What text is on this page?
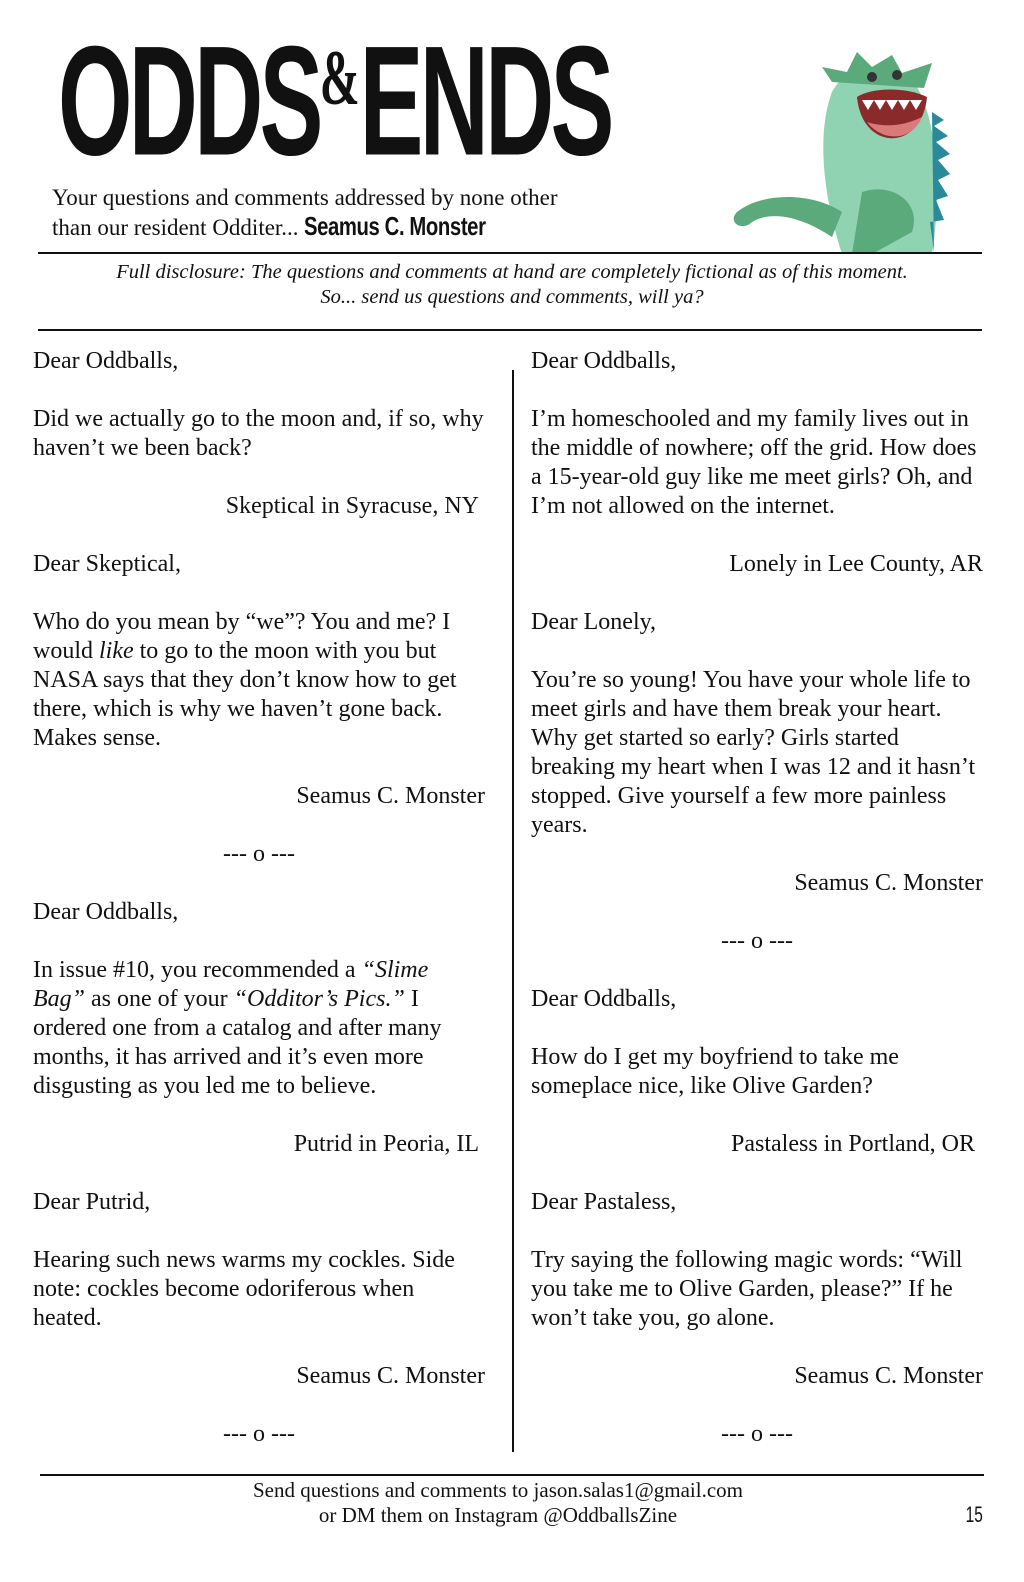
ODDS&ENDS
Your questions and comments addressed by none other
than our resident Odditer... Seamus C. Monster
Full disclosure: The questions and comments at hand are completely fictional as of this moment.
So... send us questions and comments, will ya?

Dear Oddballs,

Did we actually go to the moon and, if so, why haven’t we been back?

Skeptical in Syracuse, NY

Dear Skeptical,

Who do you mean by “we”? You and me? I would like to go to the moon with you but NASA says that they don’t know how to get there, which is why we haven’t gone back. Makes sense.

Seamus C. Monster

--- o ---

Dear Oddballs,

In issue #10, you recommended a “Slime Bag” as one of your “Odditor’s Pics.” I ordered one from a catalog and after many months, it has arrived and it’s even more disgusting as you led me to believe.

Putrid in Peoria, IL

Dear Putrid,

Hearing such news warms my cockles. Side note: cockles become odoriferous when heated.

Seamus C. Monster

--- o ---

Dear Oddballs,

I’m homeschooled and my family lives out in the middle of nowhere; off the grid. How does a 15-year-old guy like me meet girls? Oh, and I’m not allowed on the internet.

Lonely in Lee County, AR

Dear Lonely,

You’re so young! You have your whole life to meet girls and have them break your heart. Why get started so early? Girls started breaking my heart when I was 12 and it hasn’t stopped. Give yourself a few more painless years.

Seamus C. Monster

--- o ---

Dear Oddballs,

How do I get my boyfriend to take me someplace nice, like Olive Garden?

Pastaless in Portland, OR

Dear Pastaless,

Try saying the following magic words: “Will you take me to Olive Garden, please?” If he won’t take you, go alone.

Seamus C. Monster

--- o ---

Send questions and comments to jason.salas1@gmail.com
or DM them on Instagram @OddballsZine	15
